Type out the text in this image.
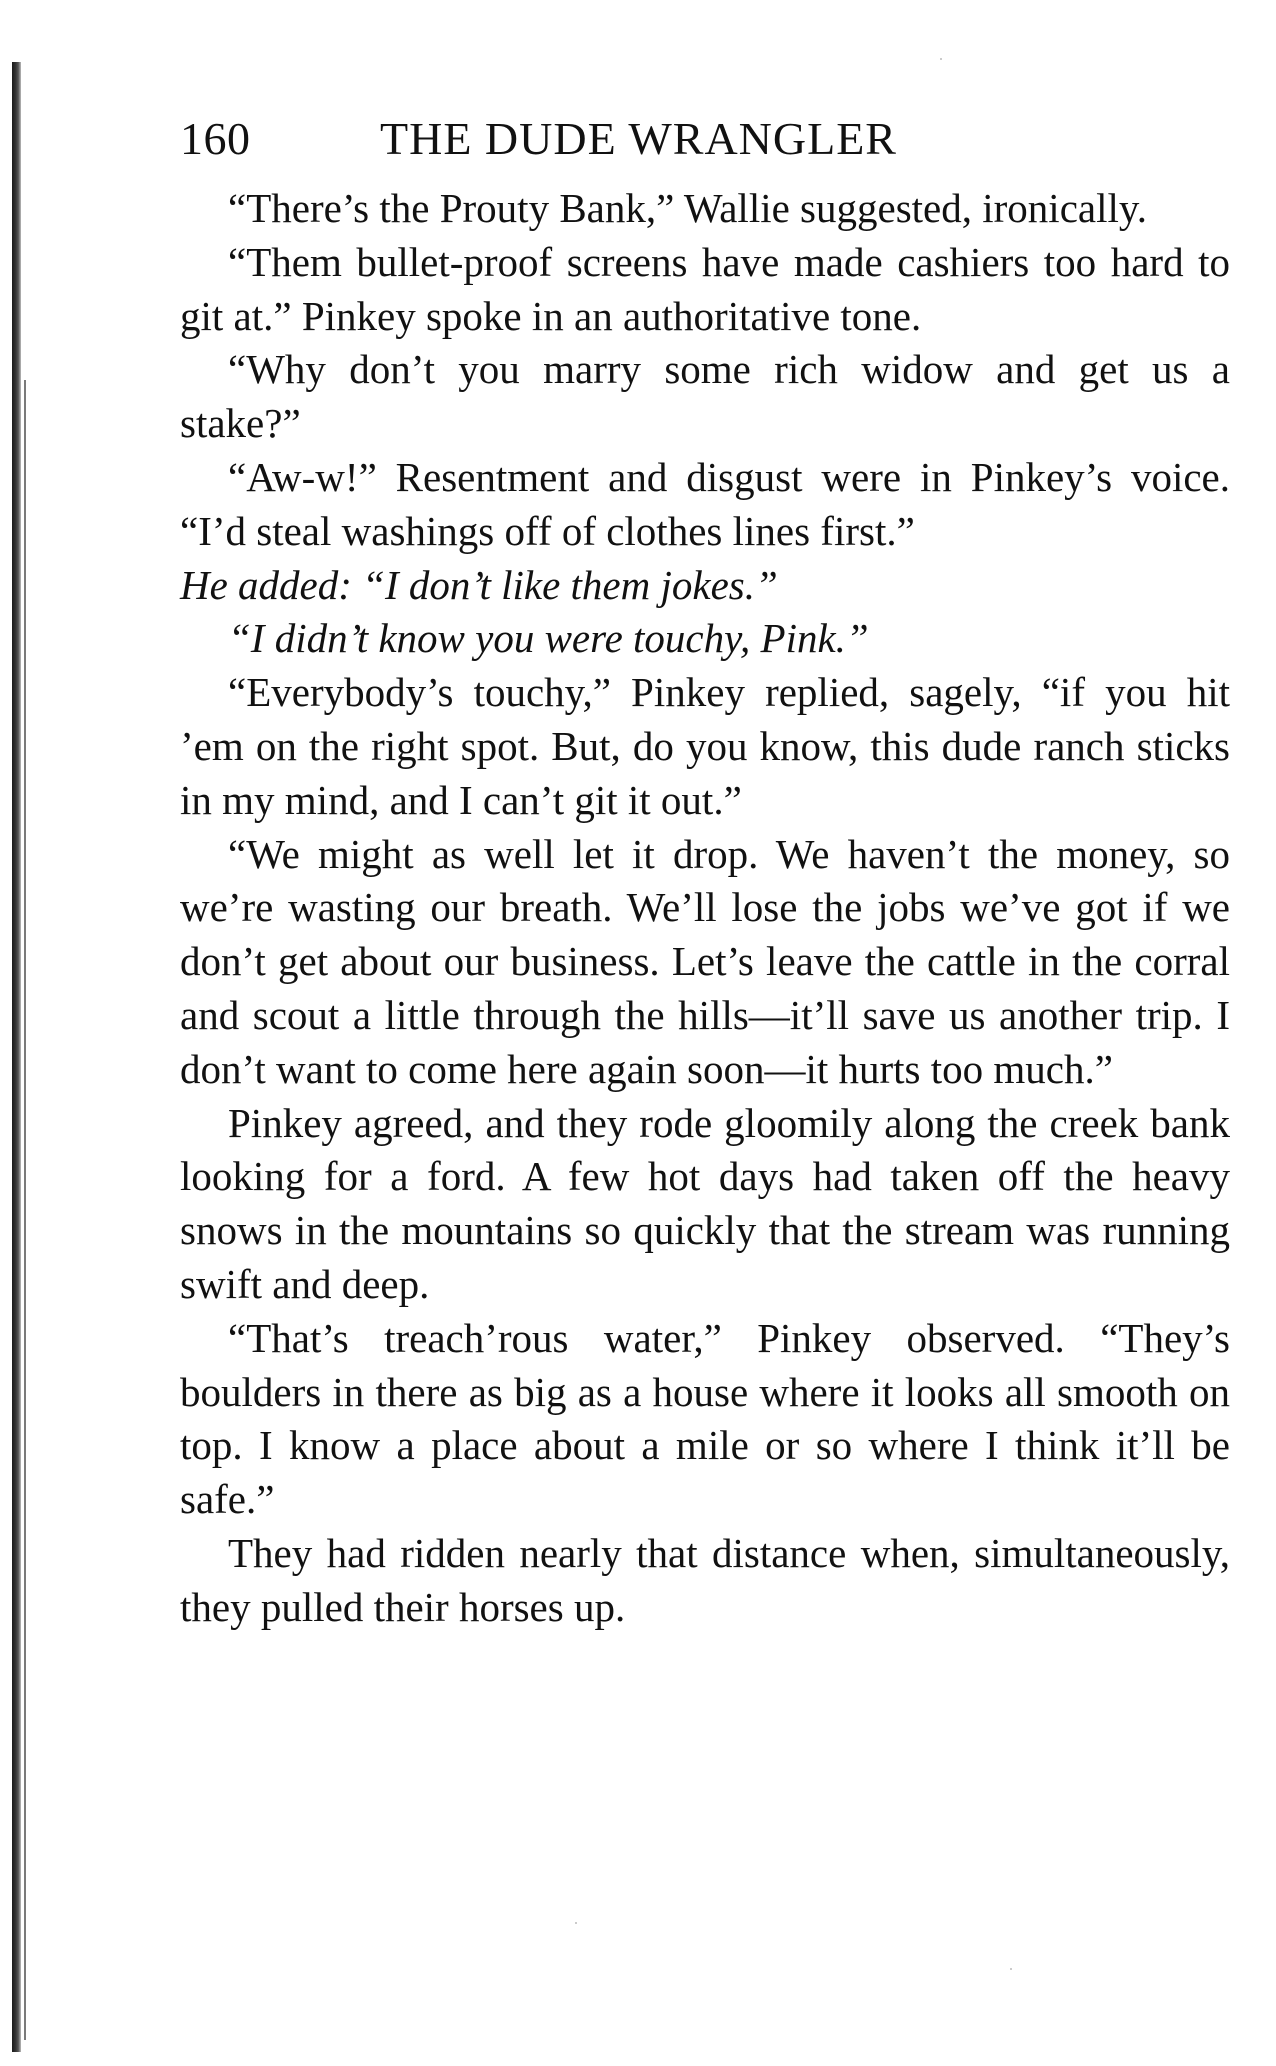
160	THE DUDE WRANGLER

“There’s the Prouty Bank,” Wallie suggested, ironically.

“Them bullet-proof screens have made cashiers too hard to git at.” Pinkey spoke in an authoritative tone.

“Why don’t you marry some rich widow and get us a stake?”

“Aw-w!” Resentment and disgust were in Pinkey’s voice. “I’d steal washings off of clothes lines first.”

He added: “I don’t like them jokes.”

“I didn’t know you were touchy, Pink.”

“Everybody’s touchy,” Pinkey replied, sagely, “if you hit ’em on the right spot. But, do you know, this dude ranch sticks in my mind, and I can’t git it out.”

“We might as well let it drop. We haven’t the money, so we’re wasting our breath. We’ll lose the jobs we’ve got if we don’t get about our business. Let’s leave the cattle in the corral and scout a little through the hills—it’ll save us another trip. I don’t want to come here again soon—it hurts too much.”

Pinkey agreed, and they rode gloomily along the creek bank looking for a ford. A few hot days had taken off the heavy snows in the mountains so quickly that the stream was running swift and deep.

“That’s treach’rous water,” Pinkey observed. “They’s boulders in there as big as a house where it looks all smooth on top. I know a place about a mile or so where I think it’ll be safe.”

They had ridden nearly that distance when, simultaneously, they pulled their horses up.
